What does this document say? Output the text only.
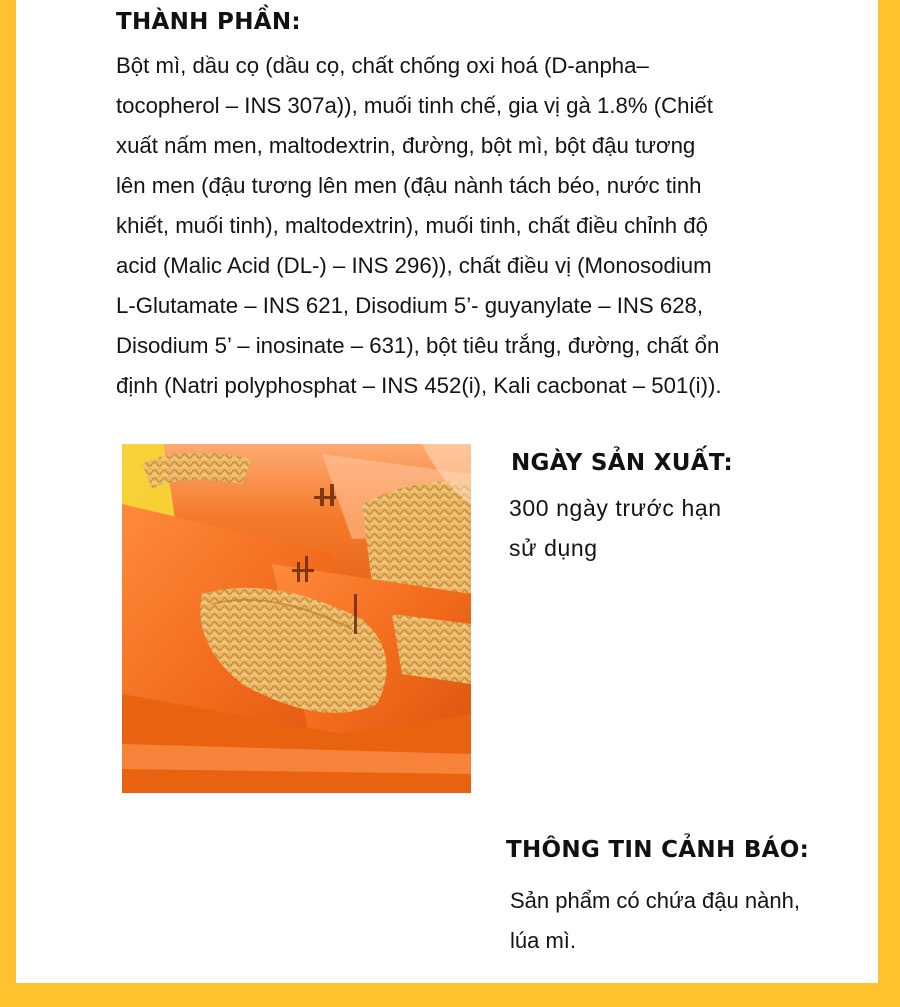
THÀNH PHẦN:
Bột mì, dầu cọ (dầu cọ, chất chống oxi hoá (D-anpha–
tocopherol – INS 307a)), muối tinh chế, gia vị gà 1.8% (Chiết
xuất nấm men, maltodextrin, đường, bột mì, bột đậu tương
lên men (đậu tương lên men (đậu nành tách béo, nước tinh
khiết, muối tinh), maltodextrin), muối tinh, chất điều chỉnh độ
acid (Malic Acid (DL-) – INS 296)), chất điều vị (Monosodium
L-Glutamate – INS 621, Disodium 5’- guyanylate – INS 628,
Disodium 5’ – inosinate – 631), bột tiêu trắng, đường, chất ổn
định (Natri polyphosphat – INS 452(i), Kali cacbonat – 501(i)).
NGÀY SẢN XUẤT:
300 ngày trước hạn
sử dụng
THÔNG TIN CẢNH BÁO:
Sản phẩm có chứa đậu nành,
lúa mì.
